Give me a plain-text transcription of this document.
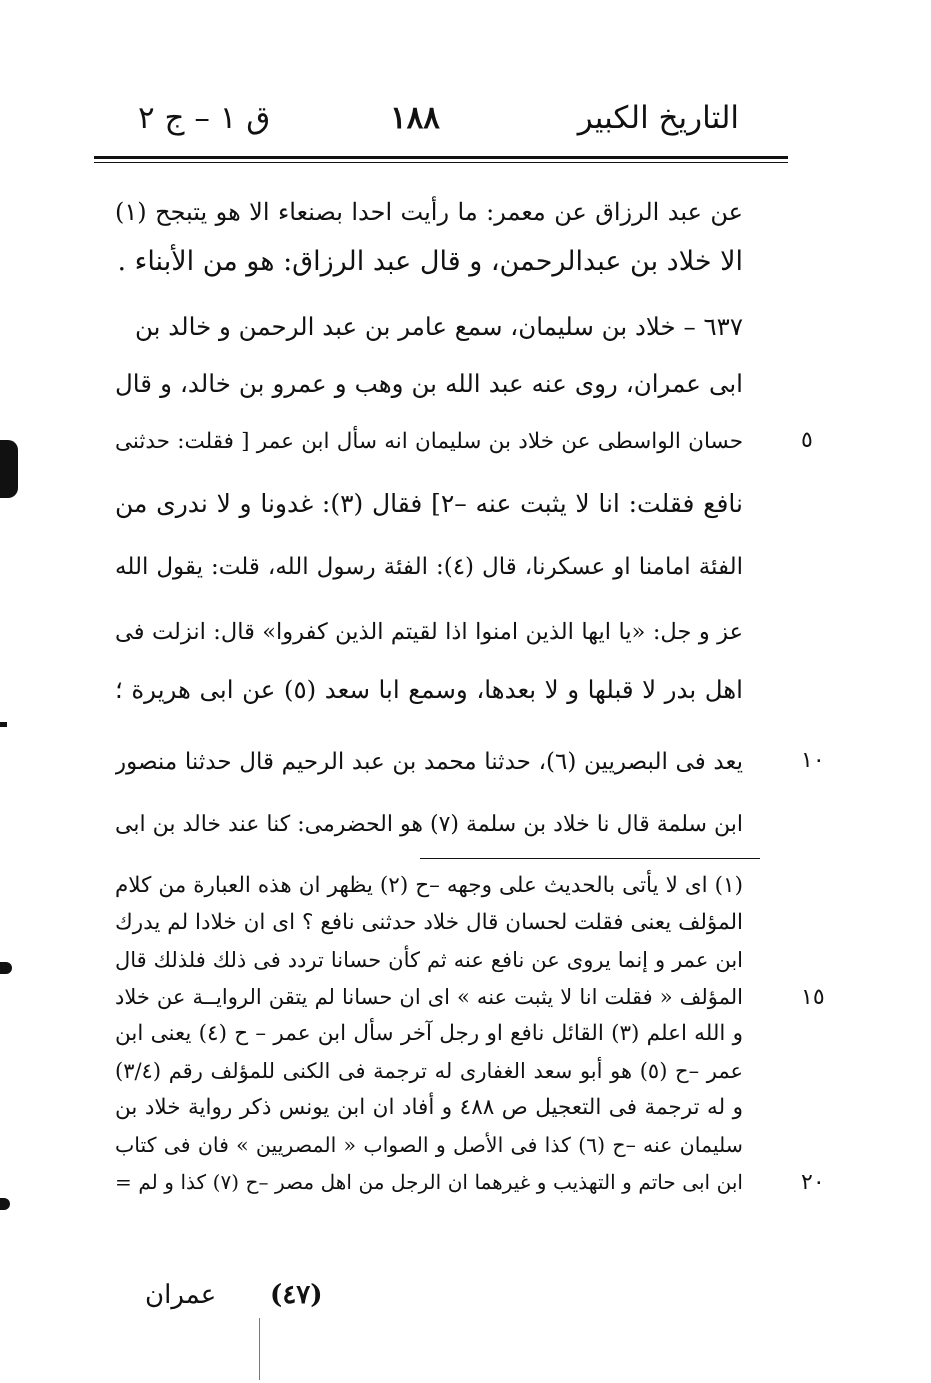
التاريخ الكبير
١٨٨
ق ١ – ج ٢
عن عبد الرزاق عن معمر: ما رأيت احدا بصنعاء الا هو يتبجح (١)
الا خلاد بن عبدالرحمن، و قال عبد الرزاق: هو من الأبناء .
٦٣٧ – خلاد بن سليمان، سمع عامر بن عبد الرحمن و خالد بن
ابى عمران، روى عنه عبد الله بن وهب و عمرو بن خالد، و قال
حسان الواسطى عن خلاد بن سليمان انه سأل ابن عمر [ فقلت: حدثنى	٥
نافع فقلت: انا لا يثبت عنه –٢] فقال (٣): غدونا و لا ندرى من
الفئة امامنا او عسكرنا، قال (٤): الفئة رسول الله، قلت: يقول الله
عز و جل: «يا ايها الذين امنوا اذا لقيتم الذين كفروا» قال: انزلت فى
اهل بدر لا قبلها و لا بعدها، وسمع ابا سعد (٥) عن ابى هريرة ؛
يعد فى البصريين (٦)، حدثنا محمد بن عبد الرحيم قال حدثنا منصور	١٠
ابن سلمة قال نا خلاد بن سلمة (٧) هو الحضرمى: كنا عند خالد بن ابى
(١) اى لا يأتى بالحديث على وجهه –ح (٢) يظهر ان هذه العبارة من كلام
المؤلف يعنى فقلت لحسان قال خلاد حدثنى نافع ؟ اى ان خلادا لم يدرك
ابن عمر و إنما يروى عن نافع عنه ثم كأن حسانا تردد فى ذلك فلذلك قال
المؤلف « فقلت انا لا يثبت عنه » اى ان حسانا لم يتقن الروايــة عن خلاد	١٥
و الله اعلم (٣) القائل نافع او رجل آخر سأل ابن عمر – ح (٤) يعنى ابن
عمر –ح (٥) هو أبو سعد الغفارى له ترجمة فى الكنى للمؤلف رقم (٣/٤)
و له ترجمة فى التعجيل ص ٤٨٨ و أفاد ان ابن يونس ذكر رواية خلاد بن
سليمان عنه –ح (٦) كذا فى الأصل و الصواب « المصريين » فان فى كتاب
ابن ابى حاتم و التهذيب و غيرهما ان الرجل من اهل مصر –ح (٧) كذا و لم =	٢٠
(٤٧)
عمران
